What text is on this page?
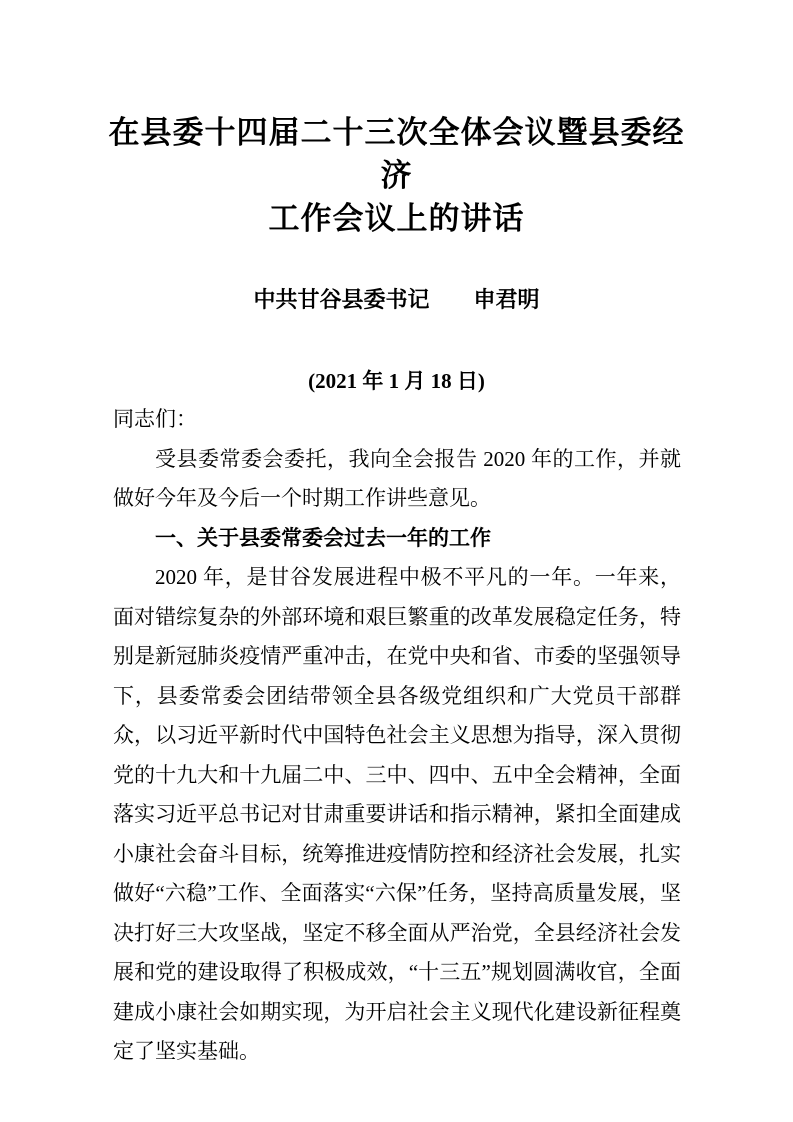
在县委十四届二十三次全体会议暨县委经济
工作会议上的讲话

中共甘谷县委书记　　申君明

(2021 年 1 月 18 日)

同志们：

受县委常委会委托，我向全会报告 2020 年的工作，并就做好今年及今后一个时期工作讲些意见。

一、关于县委常委会过去一年的工作

2020 年，是甘谷发展进程中极不平凡的一年。一年来，面对错综复杂的外部环境和艰巨繁重的改革发展稳定任务，特别是新冠肺炎疫情严重冲击，在党中央和省、市委的坚强领导下，县委常委会团结带领全县各级党组织和广大党员干部群众，以习近平新时代中国特色社会主义思想为指导，深入贯彻党的十九大和十九届二中、三中、四中、五中全会精神，全面落实习近平总书记对甘肃重要讲话和指示精神，紧扣全面建成小康社会奋斗目标，统筹推进疫情防控和经济社会发展，扎实做好“六稳”工作、全面落实“六保”任务，坚持高质量发展，坚决打好三大攻坚战，坚定不移全面从严治党，全县经济社会发展和党的建设取得了积极成效，“十三五”规划圆满收官，全面建成小康社会如期实现，为开启社会主义现代化建设新征程奠定了坚实基础。
